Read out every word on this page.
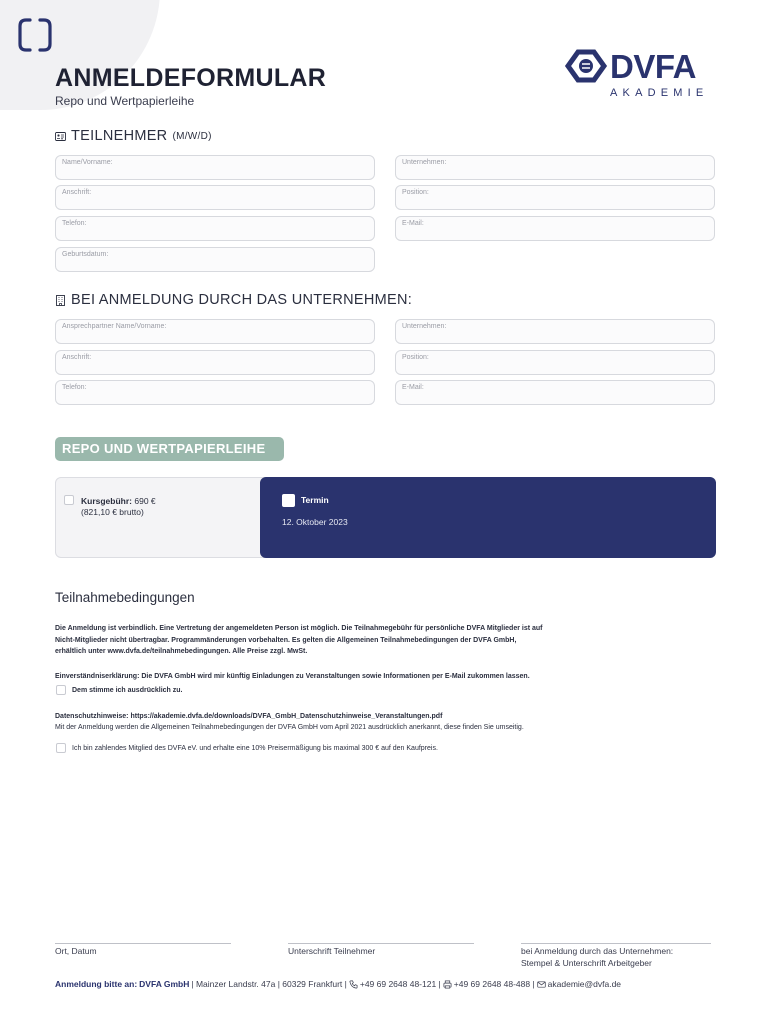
ANMELDEFORMULAR
Repo und Wertpapierleihe
DVFA
AKADEMIE
TEILNEHMER (M/W/D)
Name/Vorname:	Unternehmen:
Anschrift:	Position:
Telefon:	E-Mail:
Geburtsdatum:
BEI ANMELDUNG DURCH DAS UNTERNEHMEN:
Ansprechpartner Name/Vorname:	Unternehmen:
Anschrift:	Position:
Telefon:	E-Mail:
REPO UND WERTPAPIERLEIHE
Kursgebühr: 690 €
(821,10 € brutto)
Termin
12. Oktober 2023
Teilnahmebedingungen
Die Anmeldung ist verbindlich. Eine Vertretung der angemeldeten Person ist möglich. Die Teilnahmegebühr für persönliche DVFA Mitglieder ist auf
Nicht-Mitglieder nicht übertragbar. Programmänderungen vorbehalten. Es gelten die Allgemeinen Teilnahmebedingungen der DVFA GmbH,
erhältlich unter www.dvfa.de/teilnahmebedingungen. Alle Preise zzgl. MwSt.
Einverständniserklärung: Die DVFA GmbH wird mir künftig Einladungen zu Veranstaltungen sowie Informationen per E-Mail zukommen lassen.
Dem stimme ich ausdrücklich zu.
Datenschutzhinweise: https://akademie.dvfa.de/downloads/DVFA_GmbH_Datenschutzhinweise_Veranstaltungen.pdf
Mit der Anmeldung werden die Allgemeinen Teilnahmebedingungen der DVFA GmbH vom April 2021 ausdrücklich anerkannt, diese finden Sie umseitig.
Ich bin zahlendes Mitglied des DVFA eV. und erhalte eine 10% Preisermäßigung bis maximal 300 € auf den Kaufpreis.
Ort, Datum	Unterschrift Teilnehmer	bei Anmeldung durch das Unternehmen:
Stempel & Unterschrift Arbeitgeber
Anmeldung bitte an: DVFA GmbH | Mainzer Landstr. 47a | 60329 Frankfurt | +49 69 2648 48-121 | +49 69 2648 48-488 | akademie@dvfa.de
